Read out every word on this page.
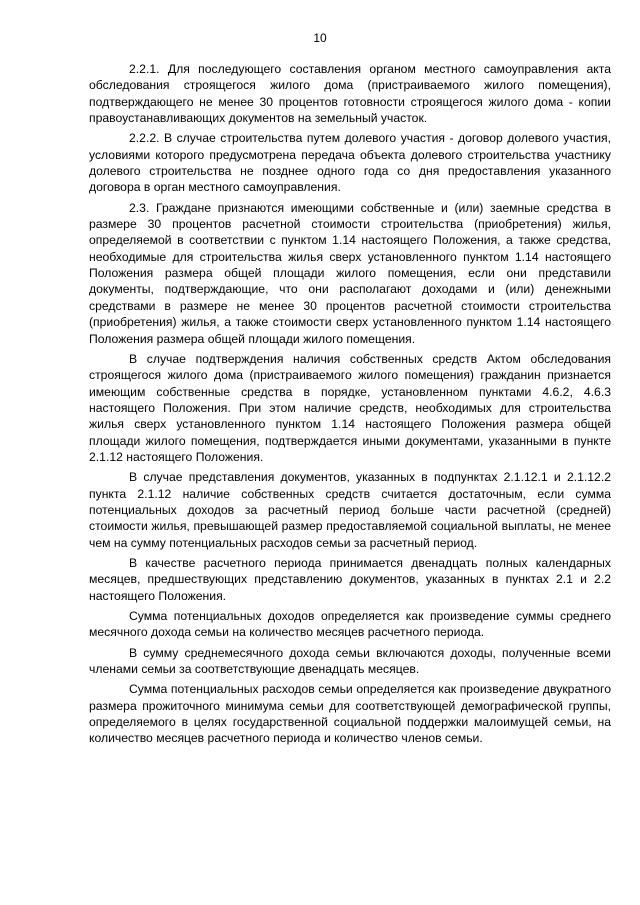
10

2.2.1. Для последующего составления органом местного самоуправления акта обследования строящегося жилого дома (пристраиваемого жилого помещения), подтверждающего не менее 30 процентов готовности строящегося жилого дома - копии правоустанавливающих документов на земельный участок.

2.2.2. В случае строительства путем долевого участия - договор долевого участия, условиями которого предусмотрена передача объекта долевого строительства участнику долевого строительства не позднее одного года со дня предоставления указанного договора в орган местного самоуправления.

2.3. Граждане признаются имеющими собственные и (или) заемные средства в размере 30 процентов расчетной стоимости строительства (приобретения) жилья, определяемой в соответствии с пунктом 1.14 настоящего Положения, а также средства, необходимые для строительства жилья сверх установленного пунктом 1.14 настоящего Положения размера общей площади жилого помещения, если они представили документы, подтверждающие, что они располагают доходами и (или) денежными средствами в размере не менее 30 процентов расчетной стоимости строительства (приобретения) жилья, а также стоимости сверх установленного пунктом 1.14 настоящего Положения размера общей площади жилого помещения.

В случае подтверждения наличия собственных средств Актом обследования строящегося жилого дома (пристраиваемого жилого помещения) гражданин признается имеющим собственные средства в порядке, установленном пунктами 4.6.2, 4.6.3 настоящего Положения. При этом наличие средств, необходимых для строительства жилья сверх установленного пунктом 1.14 настоящего Положения размера общей площади жилого помещения, подтверждается иными документами, указанными в пункте 2.1.12 настоящего Положения.

В случае представления документов, указанных в подпунктах 2.1.12.1 и 2.1.12.2 пункта 2.1.12 наличие собственных средств считается достаточным, если сумма потенциальных доходов за расчетный период больше части расчетной (средней) стоимости жилья, превышающей размер предоставляемой социальной выплаты, не менее чем на сумму потенциальных расходов семьи за расчетный период.

В качестве расчетного периода принимается двенадцать полных календарных месяцев, предшествующих представлению документов, указанных в пунктах 2.1 и 2.2 настоящего Положения.

Сумма потенциальных доходов определяется как произведение суммы среднего месячного дохода семьи на количество месяцев расчетного периода.

В сумму среднемесячного дохода семьи включаются доходы, полученные всеми членами семьи за соответствующие двенадцать месяцев.

Сумма потенциальных расходов семьи определяется как произведение двукратного размера прожиточного минимума семьи для соответствующей демографической группы, определяемого в целях государственной социальной поддержки малоимущей семьи, на количество месяцев расчетного периода и количество членов семьи.
